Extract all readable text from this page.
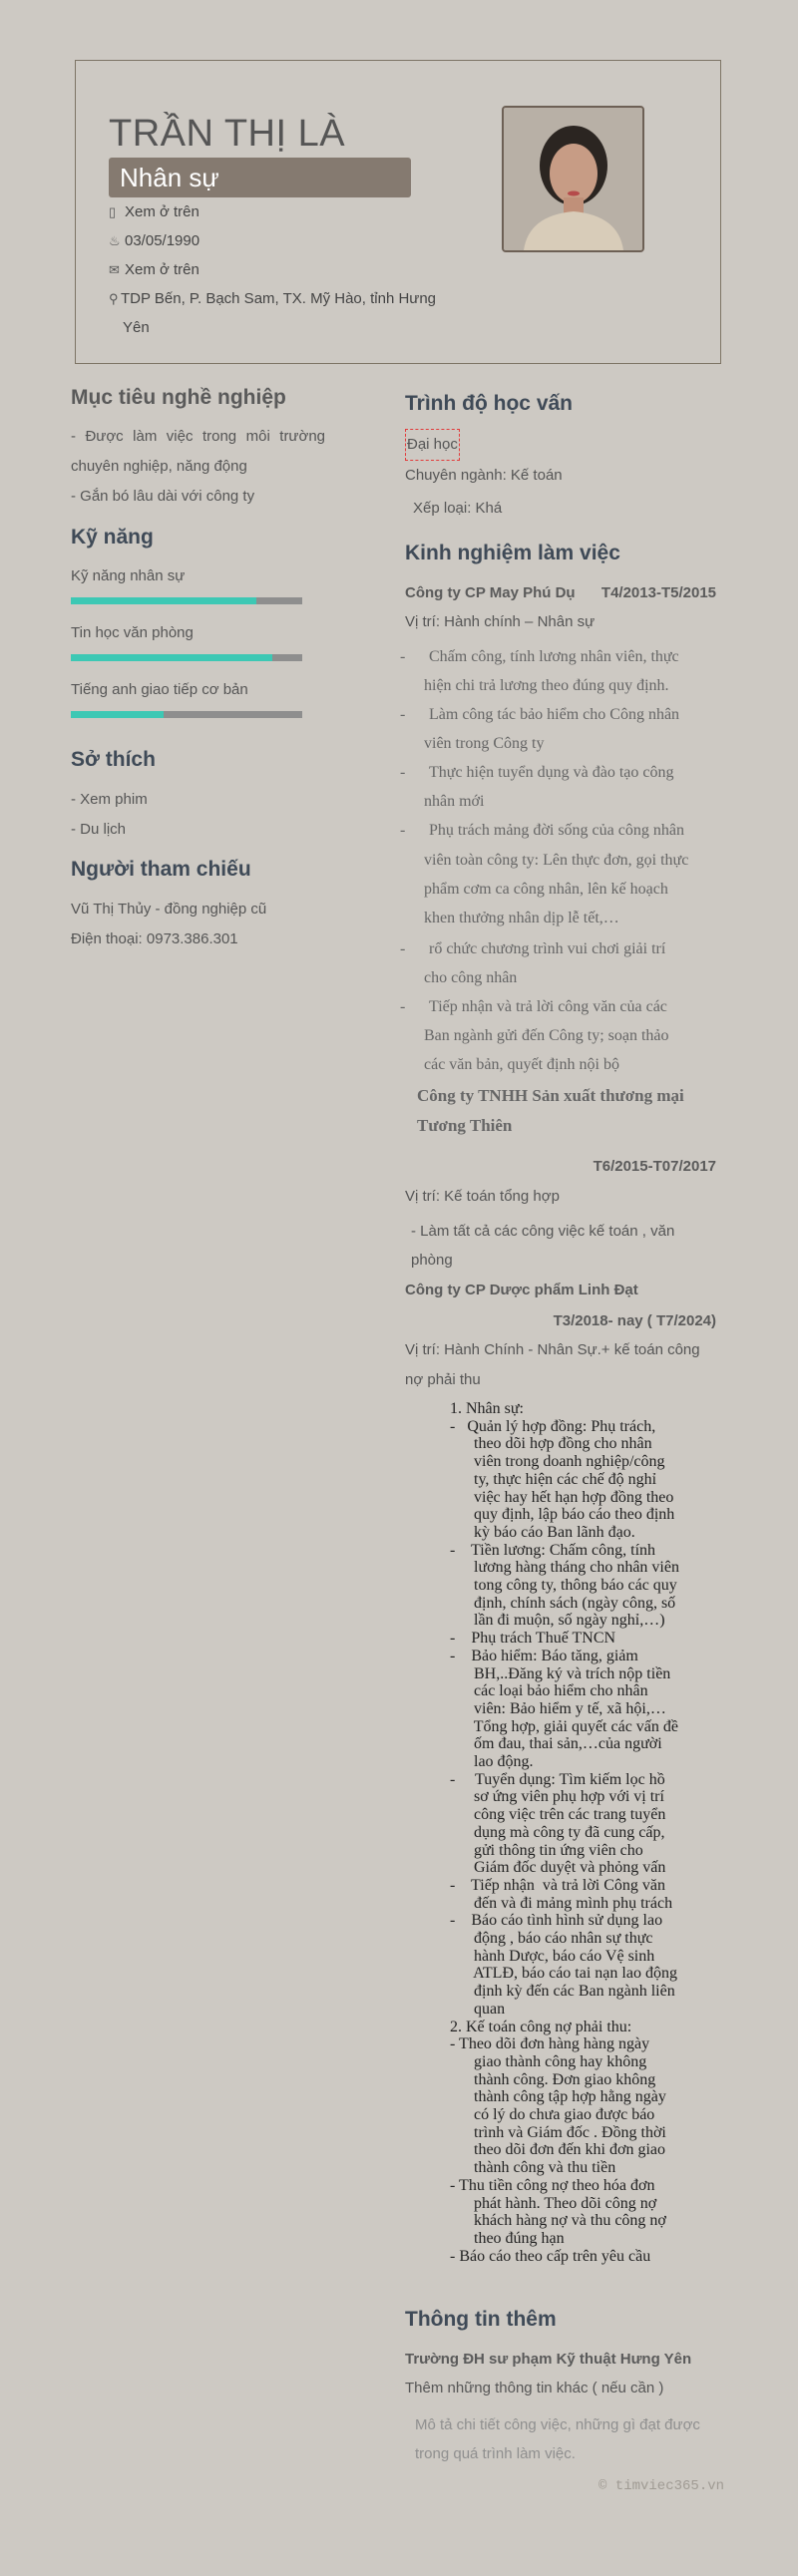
TRẦN THỊ LÀ
Nhân sự
▯ Xem ở trên
♨ 03/05/1990
✉ Xem ở trên
⚲ TDP Bến, P. Bạch Sam, TX. Mỹ Hào, tỉnh Hưng
Yên
Mục tiêu nghề nghiệp
- Được làm việc trong môi trường
chuyên nghiệp, năng động
- Gắn bó lâu dài với công ty
Kỹ năng
Kỹ năng nhân sự
Tin học văn phòng
Tiếng anh giao tiếp cơ bản
Sở thích
- Xem phim
- Du lịch
Người tham chiếu
Vũ Thị Thủy - đồng nghiệp cũ
Điện thoại: 0973.386.301
Trình độ học vấn
Đại học
Chuyên ngành: Kế toán
Xếp loại: Khá
Kinh nghiệm làm việc
Công ty CP May Phú Dụ	T4/2013-T5/2015
Vị trí: Hành chính – Nhân sự
- Chấm công, tính lương nhân viên, thực
hiện chi trả lương theo đúng quy định.
- Làm công tác bảo hiểm cho Công nhân
viên trong Công ty
- Thực hiện tuyển dụng và đào tạo công
nhân mới
- Phụ trách mảng đời sống của công nhân
viên toàn công ty: Lên thực đơn, gọi thực
phẩm cơm ca công nhân, lên kế hoạch
khen thưởng nhân dịp lễ tết,…
- rổ chức chương trình vui chơi giải trí
cho công nhân
- Tiếp nhận và trả lời công văn của các
Ban ngành gửi đến Công ty; soạn thảo
các văn bản, quyết định nội bộ
Công ty TNHH Sản xuất thương mại
Tương Thiên
T6/2015-T07/2017
Vị trí: Kế toán tổng hợp
- Làm tất cả các công việc kế toán , văn
phòng
Công ty CP Dược phẩm Linh Đạt
T3/2018- nay ( T7/2024)
Vị trí: Hành Chính - Nhân Sự.+ kế toán công
nợ phải thu
1. Nhân sự:
-   Quản lý hợp đồng: Phụ trách,
theo dõi hợp đồng cho nhân
viên trong doanh nghiệp/công
ty, thực hiện các chế độ nghỉ
việc hay hết hạn hợp đồng theo
quy định, lập báo cáo theo định
kỳ báo cáo Ban lãnh đạo.
-    Tiền lương: Chấm công, tính
lương hàng tháng cho nhân viên
tong công ty, thông báo các quy
định, chính sách (ngày công, số
lần đi muộn, số ngày nghỉ,…)
-    Phụ trách Thuế TNCN
-    Bảo hiểm: Báo tăng, giảm
BH,..Đăng ký và trích nộp tiền
các loại bảo hiểm cho nhân
viên: Bảo hiểm y tế, xã hội,…
Tổng hợp, giải quyết các vấn đề
ốm đau, thai sản,…của người
lao động.
-     Tuyển dụng: Tìm kiếm lọc hồ
sơ ứng viên phụ hợp với vị trí
công việc trên các trang tuyển
dụng mà công ty đã cung cấp,
gửi thông tin ứng viên cho
Giám đốc duyệt và phỏng vấn
-    Tiếp nhận  và trả lời Công văn
đến và đi mảng mình phụ trách
-    Báo cáo tình hình sử dụng lao
động , báo cáo nhân sự thực
hành Dược, báo cáo Vệ sinh
ATLĐ, báo cáo tai nạn lao động
định kỳ đến các Ban ngành liên
quan
2. Kế toán công nợ phải thu:
- Theo dõi đơn hàng hàng ngày
giao thành công hay không
thành công. Đơn giao không
thành công tập hợp hằng ngày
có lý do chưa giao được báo
trình và Giám đốc . Đồng thời
theo dõi đơn đến khi đơn giao
thành công và thu tiền
- Thu tiền công nợ theo hóa đơn
phát hành. Theo dõi công nợ
khách hàng nợ và thu công nợ
theo đúng hạn
- Báo cáo theo cấp trên yêu cầu
Thông tin thêm
Trường ĐH sư phạm Kỹ thuật Hưng Yên
Thêm những thông tin khác ( nếu cần )
Mô tả chi tiết công việc, những gì đạt được
trong quá trình làm việc.
© timviec365.vn
